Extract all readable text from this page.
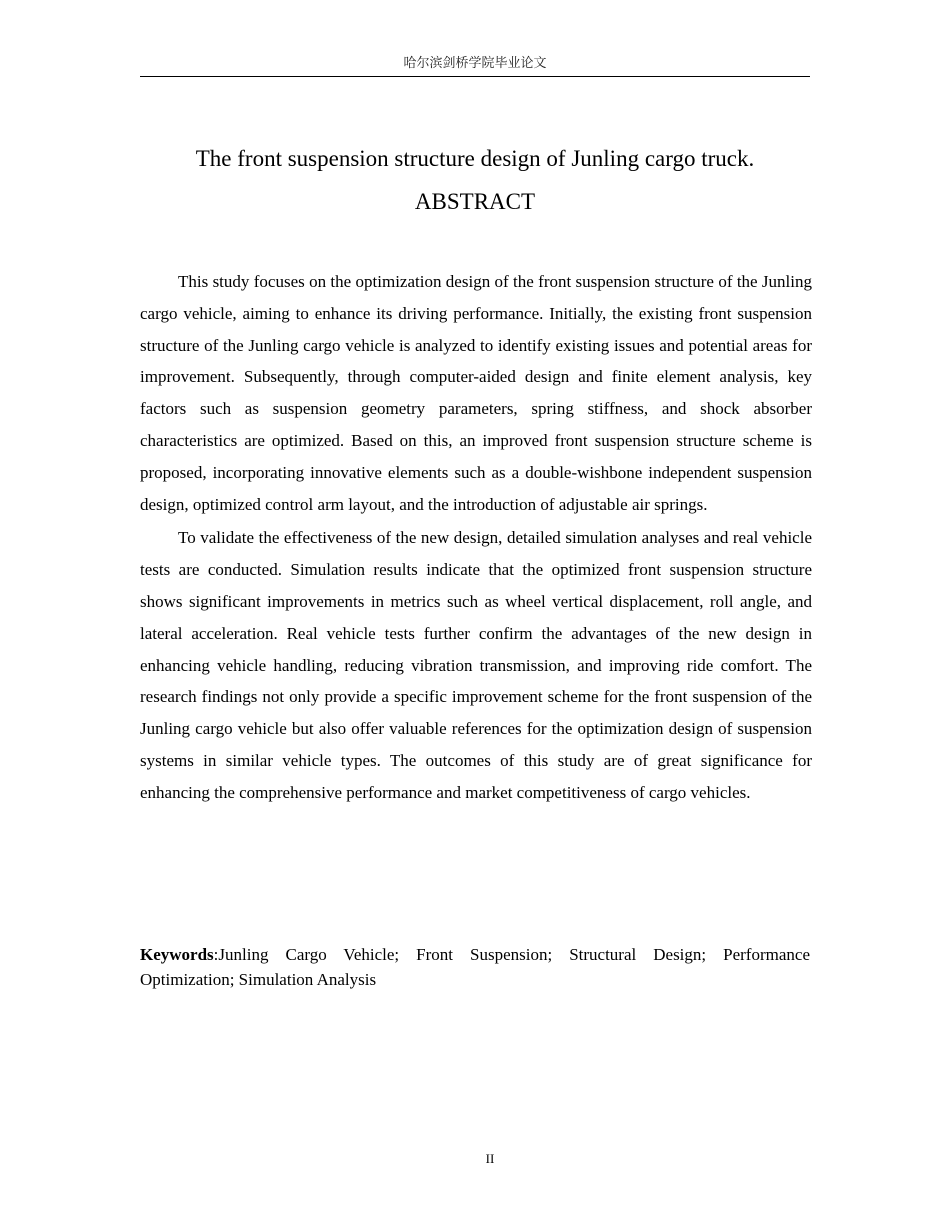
哈尔滨剑桥学院毕业论文
The front suspension structure design of Junling cargo truck.
ABSTRACT

This study focuses on the optimization design of the front suspension structure of the Junling cargo vehicle, aiming to enhance its driving performance. Initially, the existing front suspension structure of the Junling cargo vehicle is analyzed to identify existing issues and potential areas for improvement. Subsequently, through computer-aided design and finite element analysis, key factors such as suspension geometry parameters, spring stiffness, and shock absorber characteristics are optimized. Based on this, an improved front suspension structure scheme is proposed, incorporating innovative elements such as a double-wishbone independent suspension design, optimized control arm layout, and the introduction of adjustable air springs.

To validate the effectiveness of the new design, detailed simulation analyses and real vehicle tests are conducted. Simulation results indicate that the optimized front suspension structure shows significant improvements in metrics such as wheel vertical displacement, roll angle, and lateral acceleration. Real vehicle tests further confirm the advantages of the new design in enhancing vehicle handling, reducing vibration transmission, and improving ride comfort. The research findings not only provide a specific improvement scheme for the front suspension of the Junling cargo vehicle but also offer valuable references for the optimization design of suspension systems in similar vehicle types. The outcomes of this study are of great significance for enhancing the comprehensive performance and market competitiveness of cargo vehicles.

Keywords:Junling Cargo Vehicle; Front Suspension; Structural Design; Performance Optimization; Simulation Analysis

II
